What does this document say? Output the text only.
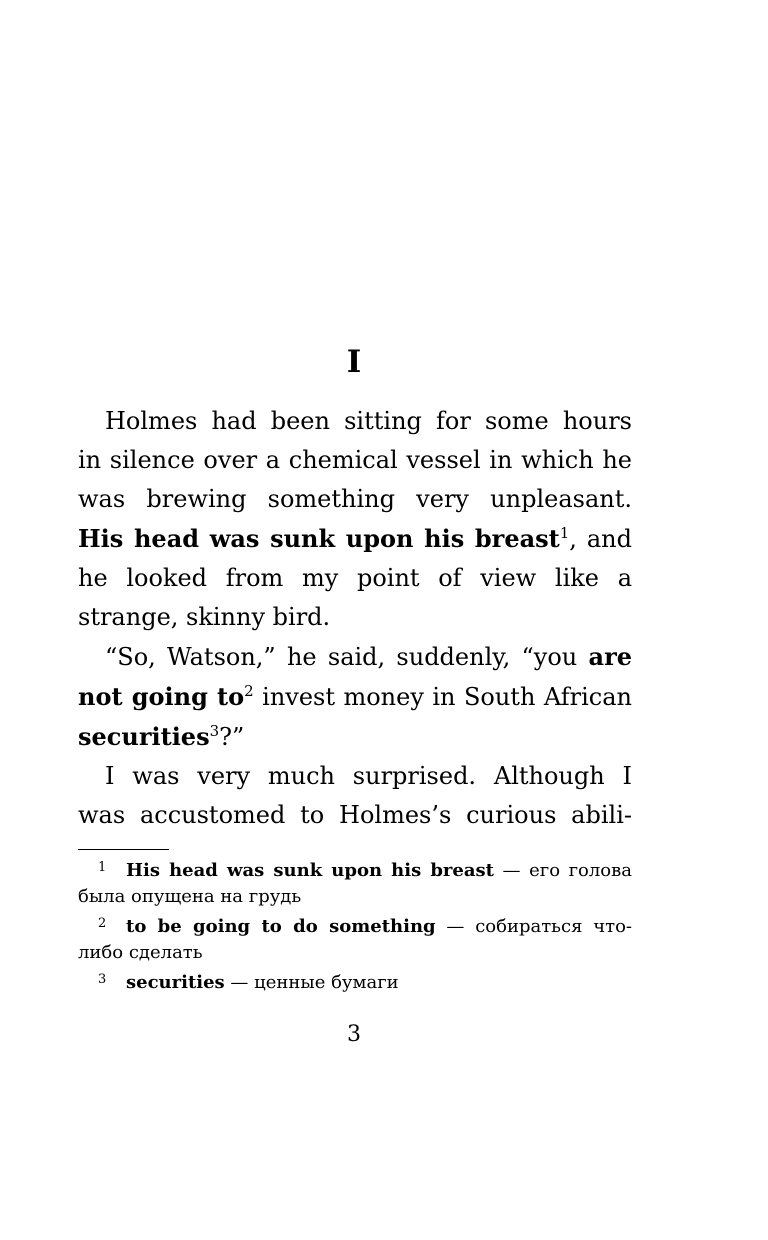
I
Holmes had been sitting for some hours
in silence over a chemical vessel in which he
was brewing something very unpleasant.
His head was sunk upon his breast$^1$, and
he looked from my point of view like a
strange, skinny bird.
“So, Watson,” he said, suddenly, “you are
not going $to^2$ invest money in South African
securities$^3$?”
I was very much surprised. Although I
was accustomed to Holmes’s curious abili-
1 His head was sunk upon his breast — его голова
была опущена на грудь
2 to be going to do something — собираться что-
либо сделать
3 securities — ценные бумаги
3
